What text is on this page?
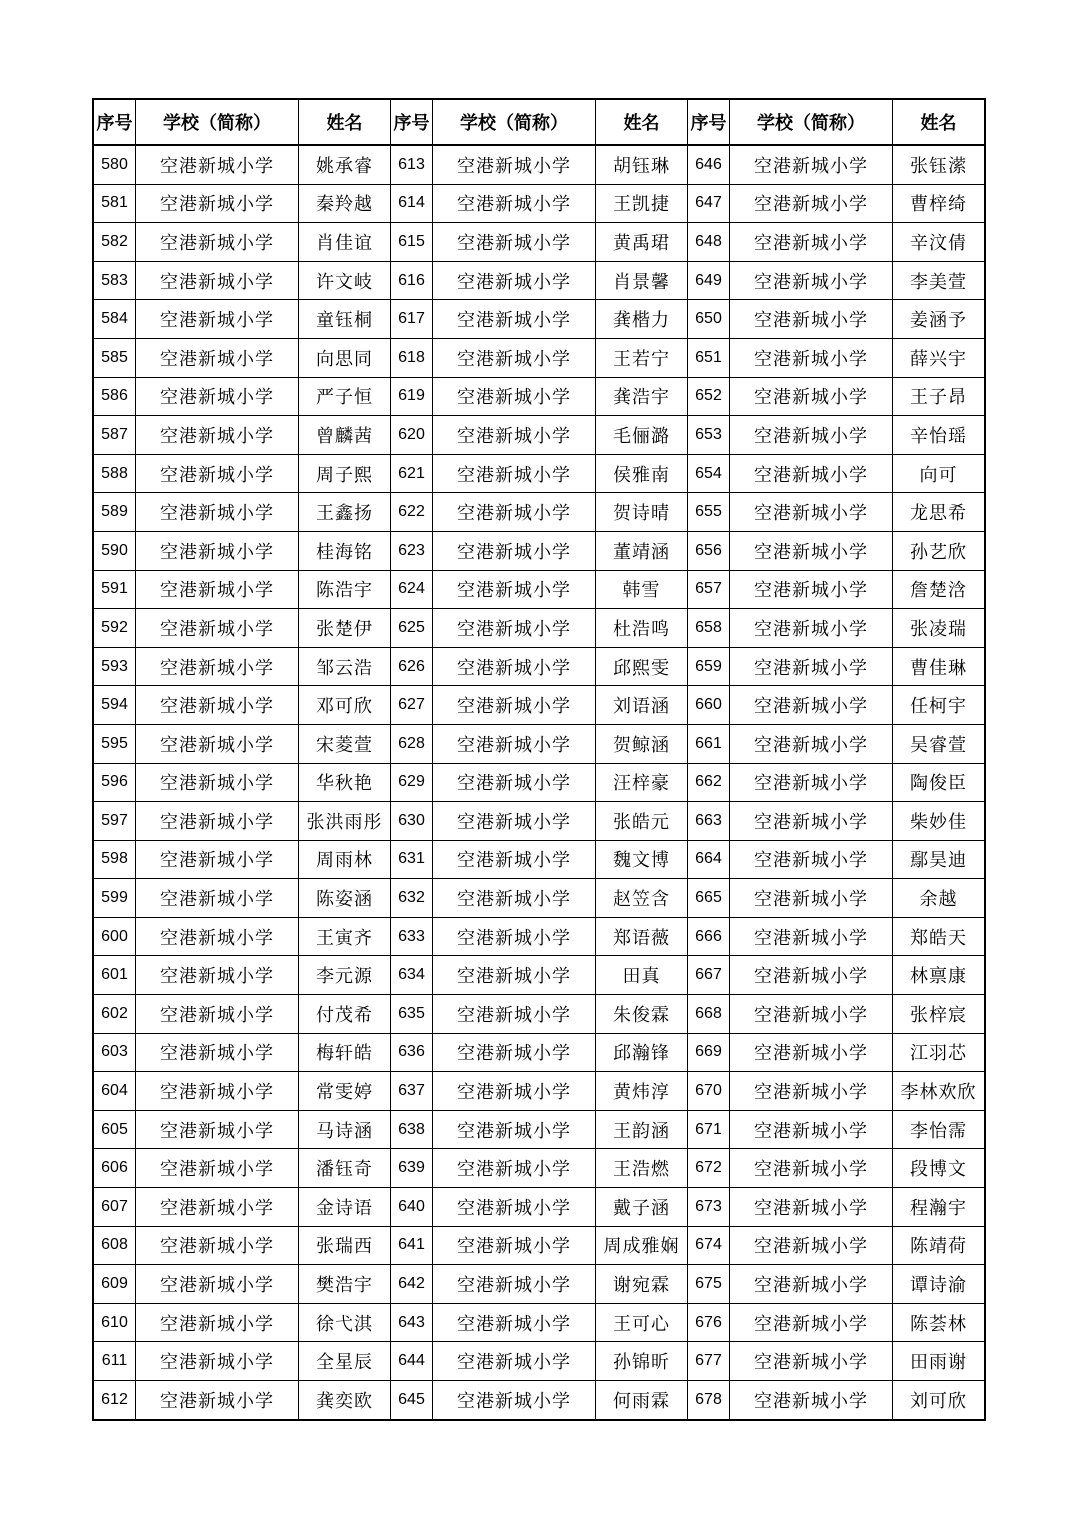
序号	学校（简称）	姓名	序号	学校（简称）	姓名	序号	学校（简称）	姓名
580	空港新城小学	姚承睿	613	空港新城小学	胡钰琳	646	空港新城小学	张钰潆
581	空港新城小学	秦羚越	614	空港新城小学	王凯捷	647	空港新城小学	曹梓绮
582	空港新城小学	肖佳谊	615	空港新城小学	黄禹珺	648	空港新城小学	辛汶倩
583	空港新城小学	许文岐	616	空港新城小学	肖景馨	649	空港新城小学	李美萱
584	空港新城小学	童钰桐	617	空港新城小学	龚楷力	650	空港新城小学	姜涵予
585	空港新城小学	向思同	618	空港新城小学	王若宁	651	空港新城小学	薛兴宇
586	空港新城小学	严子恒	619	空港新城小学	龚浩宇	652	空港新城小学	王子昂
587	空港新城小学	曾麟茜	620	空港新城小学	毛俪潞	653	空港新城小学	辛怡瑶
588	空港新城小学	周子熙	621	空港新城小学	侯雅南	654	空港新城小学	向可
589	空港新城小学	王鑫扬	622	空港新城小学	贺诗晴	655	空港新城小学	龙思希
590	空港新城小学	桂海铭	623	空港新城小学	董靖涵	656	空港新城小学	孙艺欣
591	空港新城小学	陈浩宇	624	空港新城小学	韩雪	657	空港新城小学	詹楚浛
592	空港新城小学	张楚伊	625	空港新城小学	杜浩鸣	658	空港新城小学	张凌瑞
593	空港新城小学	邹云浩	626	空港新城小学	邱熙雯	659	空港新城小学	曹佳琳
594	空港新城小学	邓可欣	627	空港新城小学	刘语涵	660	空港新城小学	任柯宇
595	空港新城小学	宋菱萱	628	空港新城小学	贺鲸涵	661	空港新城小学	吴睿萱
596	空港新城小学	华秋艳	629	空港新城小学	汪梓豪	662	空港新城小学	陶俊臣
597	空港新城小学	张洪雨彤	630	空港新城小学	张皓元	663	空港新城小学	柴妙佳
598	空港新城小学	周雨林	631	空港新城小学	魏文博	664	空港新城小学	鄢昊迪
599	空港新城小学	陈姿涵	632	空港新城小学	赵笠含	665	空港新城小学	余越
600	空港新城小学	王寅齐	633	空港新城小学	郑语薇	666	空港新城小学	郑皓天
601	空港新城小学	李元源	634	空港新城小学	田真	667	空港新城小学	林禀康
602	空港新城小学	付茂希	635	空港新城小学	朱俊霖	668	空港新城小学	张梓宸
603	空港新城小学	梅轩皓	636	空港新城小学	邱瀚锋	669	空港新城小学	江羽芯
604	空港新城小学	常雯婷	637	空港新城小学	黄炜淳	670	空港新城小学	李林欢欣
605	空港新城小学	马诗涵	638	空港新城小学	王韵涵	671	空港新城小学	李怡霈
606	空港新城小学	潘钰奇	639	空港新城小学	王浩燃	672	空港新城小学	段博文
607	空港新城小学	金诗语	640	空港新城小学	戴子涵	673	空港新城小学	程瀚宇
608	空港新城小学	张瑞西	641	空港新城小学	周成雅娴	674	空港新城小学	陈靖荷
609	空港新城小学	樊浩宇	642	空港新城小学	谢宛霖	675	空港新城小学	谭诗渝
610	空港新城小学	徐弋淇	643	空港新城小学	王可心	676	空港新城小学	陈荟林
611	空港新城小学	全星辰	644	空港新城小学	孙锦昕	677	空港新城小学	田雨谢
612	空港新城小学	龚奕欧	645	空港新城小学	何雨霖	678	空港新城小学	刘可欣
